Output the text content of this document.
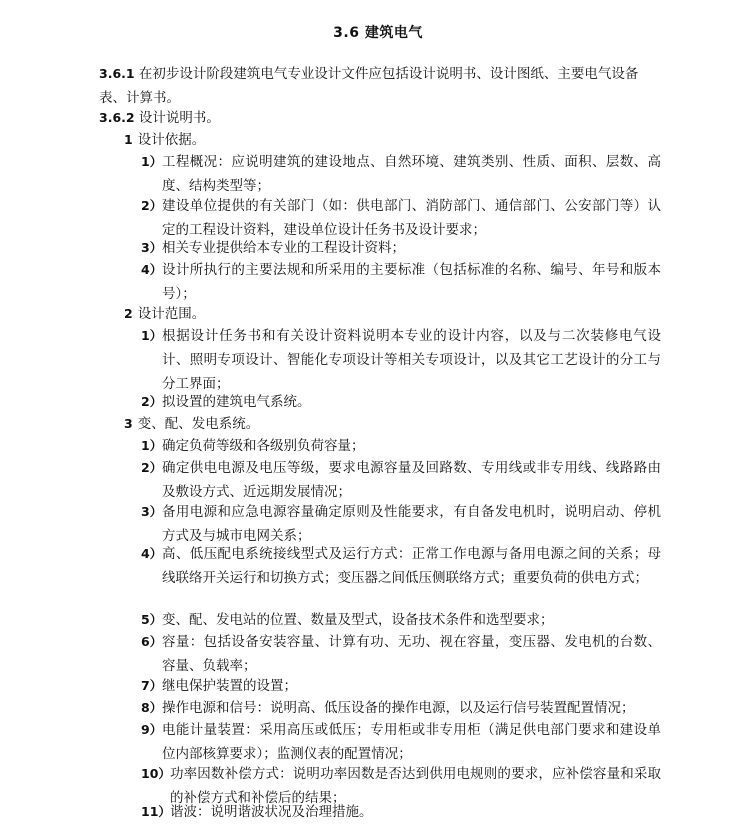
3.6 建筑电气
3.6.1 在初步设计阶段建筑电气专业设计文件应包括设计说明书、设计图纸、主要电气设备表、计算书。
3.6.2 设计说明书。
1 设计依据。
1） 工程概况：应说明建筑的建设地点、自然环境、建筑类别、性质、面积、层数、高度、结构类型等；
2） 建设单位提供的有关部门（如：供电部门、消防部门、通信部门、公安部门等）认定的工程设计资料，建设单位设计任务书及设计要求；
3） 相关专业提供给本专业的工程设计资料；
4） 设计所执行的主要法规和所采用的主要标准（包括标准的名称、编号、年号和版本号）；
2 设计范围。
1） 根据设计任务书和有关设计资料说明本专业的设计内容，以及与二次装修电气设计、照明专项设计、智能化专项设计等相关专项设计，以及其它工艺设计的分工与分工界面；
2） 拟设置的建筑电气系统。
3 变、配、发电系统。
1） 确定负荷等级和各级别负荷容量；
2） 确定供电电源及电压等级，要求电源容量及回路数、专用线或非专用线、线路路由及敷设方式、近远期发展情况；
3） 备用电源和应急电源容量确定原则及性能要求，有自备发电机时，说明启动、停机方式及与城市电网关系；
4） 高、低压配电系统接线型式及运行方式：正常工作电源与备用电源之间的关系；母线联络开关运行和切换方式；变压器之间低压侧联络方式；重要负荷的供电方式；
5） 变、配、发电站的位置、数量及型式，设备技术条件和选型要求；
6） 容量：包括设备安装容量、计算有功、无功、视在容量，变压器、发电机的台数、容量、负载率；
7） 继电保护装置的设置；
8） 操作电源和信号：说明高、低压设备的操作电源，以及运行信号装置配置情况；
9） 电能计量装置：采用高压或低压；专用柜或非专用柜（满足供电部门要求和建设单位内部核算要求）；监测仪表的配置情况；
10） 功率因数补偿方式：说明功率因数是否达到供用电规则的要求，应补偿容量和采取的补偿方式和补偿后的结果；
11） 谐波：说明谐波状况及治理措施。
